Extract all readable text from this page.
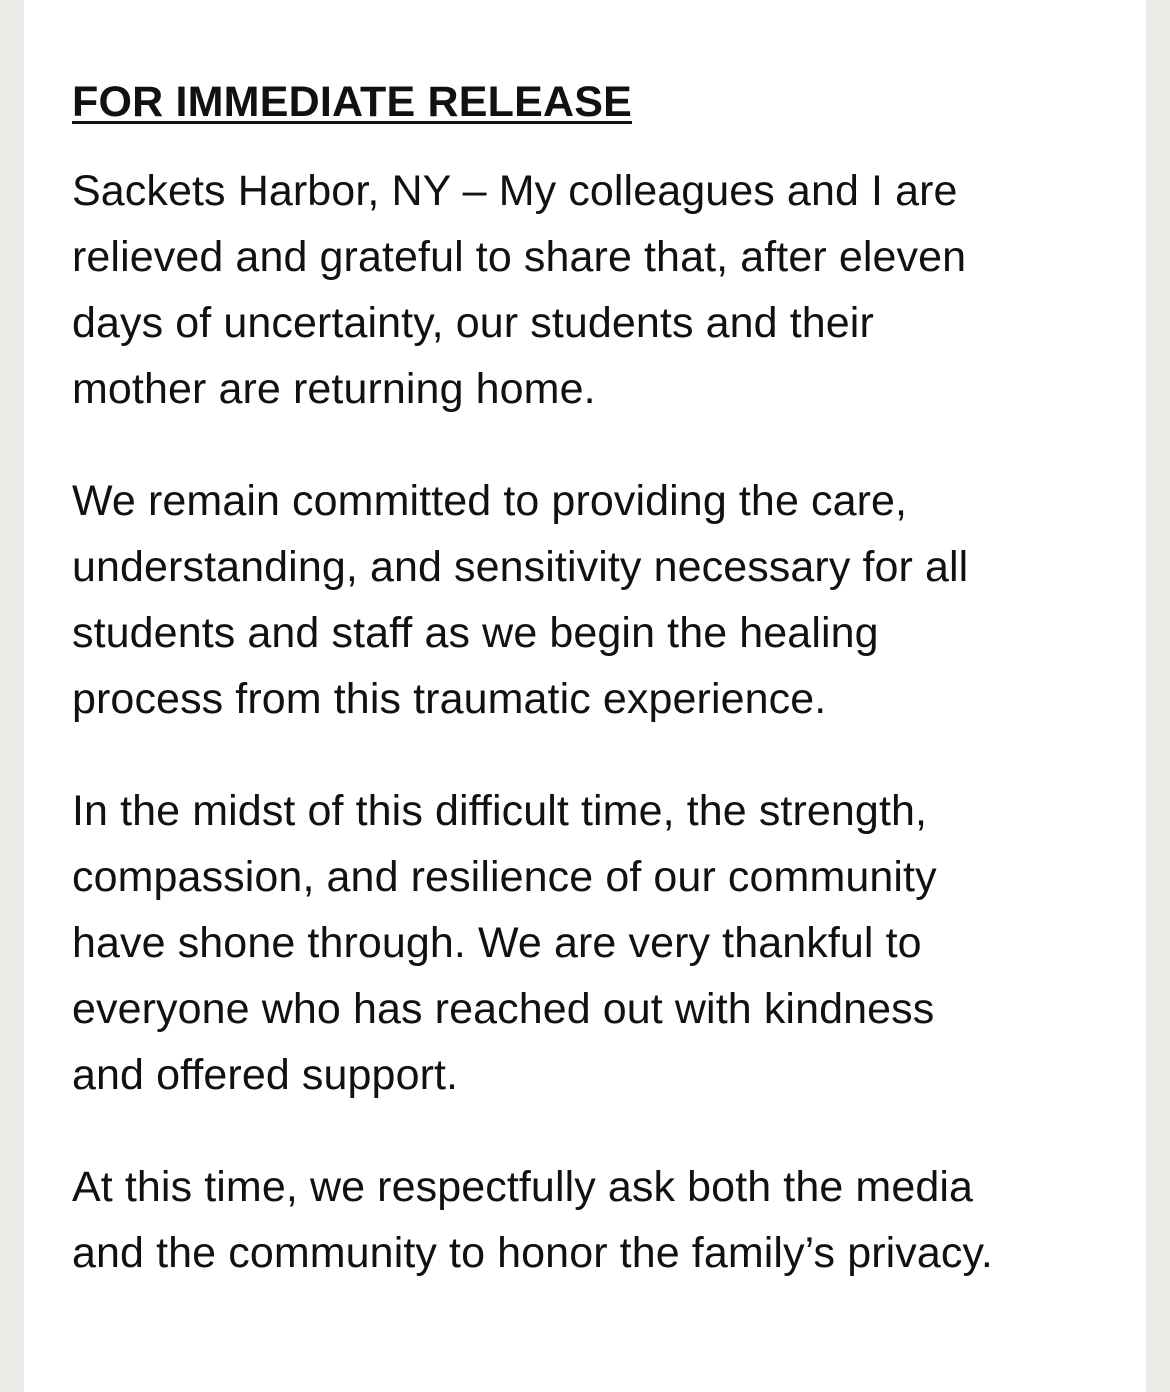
FOR IMMEDIATE RELEASE

Sackets Harbor, NY – My colleagues and I are
relieved and grateful to share that, after eleven
days of uncertainty, our students and their
mother are returning home.

We remain committed to providing the care,
understanding, and sensitivity necessary for all
students and staff as we begin the healing
process from this traumatic experience.

In the midst of this difficult time, the strength,
compassion, and resilience of our community
have shone through. We are very thankful to
everyone who has reached out with kindness
and offered support.

At this time, we respectfully ask both the media
and the community to honor the family’s privacy.
